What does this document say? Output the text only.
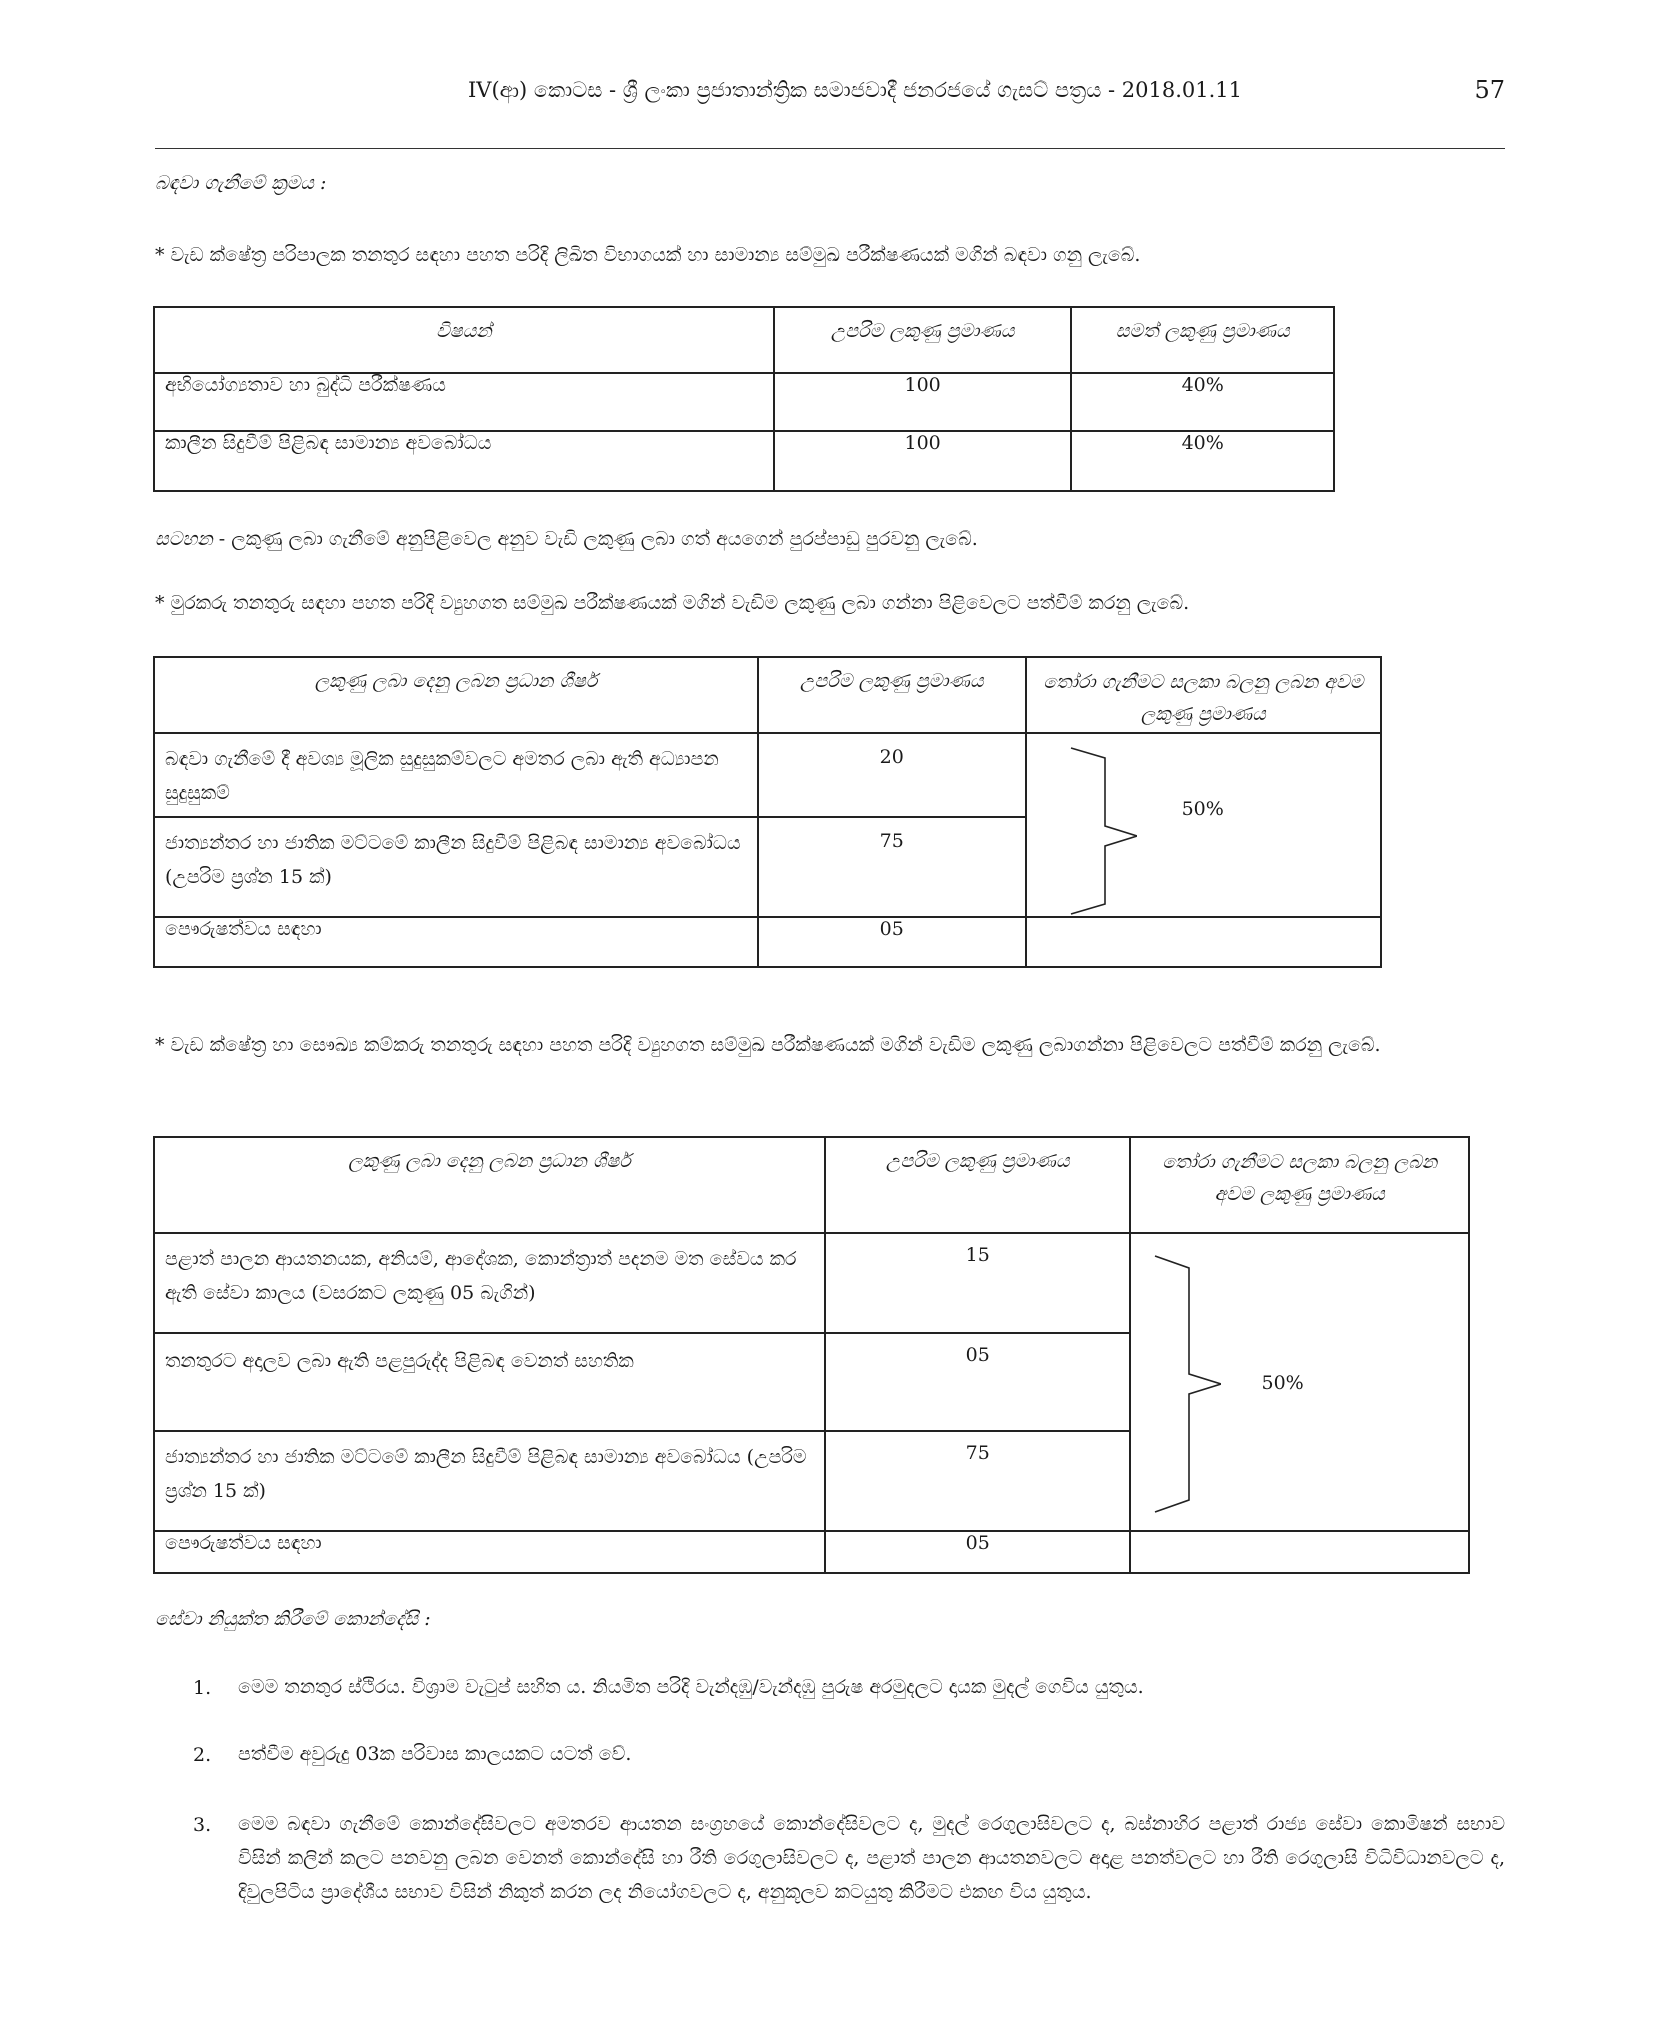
IV(ආ) කොටස - ශ්‍රී ලංකා ප්‍රජාතාන්ත්‍රික සමාජවාදී ජනරජයේ ගැසට් පත්‍රය - 2018.01.11	57
බඳවා ගැනීමේ ක්‍රමය :
* වැඩ ක්ෂේත්‍ර පරිපාලක තනතුර සඳහා පහත පරිදි ලිඛිත විභාගයක් හා සාමාන්‍ය සම්මුඛ පරීක්ෂණයක් මගින් බඳවා ගනු ලැබේ.
විෂයන්	උපරිම ලකුණු ප්‍රමාණය	සමත් ලකුණු ප්‍රමාණය
අභියෝග්‍යතාව හා බුද්ධි පරීක්ෂණය	100	40%
කාලීන සිදුවීම් පිළිබඳ සාමාන්‍ය අවබෝධය	100	40%
සටහන - ලකුණු ලබා ගැනීමේ අනුපිළිවෙල අනුව වැඩි ලකුණු ලබා ගත් අයගෙන් පුරප්පාඩු පුරවනු ලැබේ.
* මුරකරු තනතුරු සඳහා පහත පරිදි ව්‍යුහගත සම්මුඛ පරීක්ෂණයක් මගින් වැඩිම ලකුණු ලබා ගන්නා පිළිවෙලට පත්වීම් කරනු ලැබේ.
ලකුණු ලබා දෙනු ලබන ප්‍රධාන ශීර්ෂ	උපරිම ලකුණු ප්‍රමාණය	තෝරා ගැනීමට සලකා බලනු ලබන අවම ලකුණු ප්‍රමාණය
බඳවා ගැනීමේ දී අවශ්‍ය මූලික සුදුසුකම්වලට අමතර ලබා ඇති අධ්‍යාපන සුදුසුකම්	20	50%

ජාත්‍යන්තර හා ජාතික මට්ටමේ කාලීන සිදුවීම් පිළිබඳ සාමාන්‍ය අවබෝධය (උපරිම ප්‍රශ්න 15 ක්)	75	
පෞරුෂත්වය සඳහා	05	
* වැඩ ක්ෂේත්‍ර හා සෞඛ්‍ය කම්කරු තනතුරු සඳහා පහත පරිදි ව්‍යුහගත සම්මුඛ පරීක්ෂණයක් මගින් වැඩිම ලකුණු ලබාගන්නා පිළිවෙලට පත්වීම් කරනු ලැබේ.
ලකුණු ලබා දෙනු ලබන ප්‍රධාන ශීර්ෂ	උපරිම ලකුණු ප්‍රමාණය	තෝරා ගැනීමට සලකා බලනු ලබන අවම ලකුණු ප්‍රමාණය
පළාත් පාලන ආයතනයක, අනියම්, ආදේශක, කොන්ත්‍රාත් පදනම මත සේවය කර ඇති සේවා කාලය (වසරකට ලකුණු 05 බැගින්)	15	50%

තනතුරට අදාලව ලබා ඇති පළපුරුද්ද පිළිබඳ වෙනත් සහතික	05	
ජාත්‍යන්තර හා ජාතික මට්ටමේ කාලීන සිදුවීම් පිළිබඳ සාමාන්‍ය අවබෝධය (උපරිම ප්‍රශ්න 15 ක්)	75	
පෞරුෂත්වය සඳහා	05	
සේවා නියුක්ත කිරීමේ කොන්දේසි :
1. මෙම තනතුර ස්ථිරය. විශ්‍රාම වැටුප් සහිත ය. නියමිත පරිදි වැන්දඹු/වැන්දඹු පුරුෂ අරමුදලට දායක මුදල් ගෙවිය යුතුය.
2. පත්වීම අවුරුදු 03ක පරිවාස කාලයකට යටත් වේ.
3. මෙම බඳවා ගැනීමේ කොන්දේසිවලට අමතරව ආයතන සංග්‍රහයේ කොන්දේසිවලට ද, මුදල් රෙගුලාසිවලට ද, බස්නාහිර පළාත් රාජ්‍ය සේවා කොමිෂන් සභාව විසින් කලින් කලට පනවනු ලබන වෙනත් කොන්දේසි හා රීති රෙගුලාසිවලට ද, පළාත් පාලන ආයතනවලට අදාළ පනත්වලට හා රීති රෙගුලාසි විධිවිධානවලට ද, දිවුලපිටිය ප්‍රාදේශීය සභාව විසින් නිකුත් කරන ලද නියෝගවලට ද, අනුකූලව කටයුතු කිරීමට එකඟ විය යුතුය.
